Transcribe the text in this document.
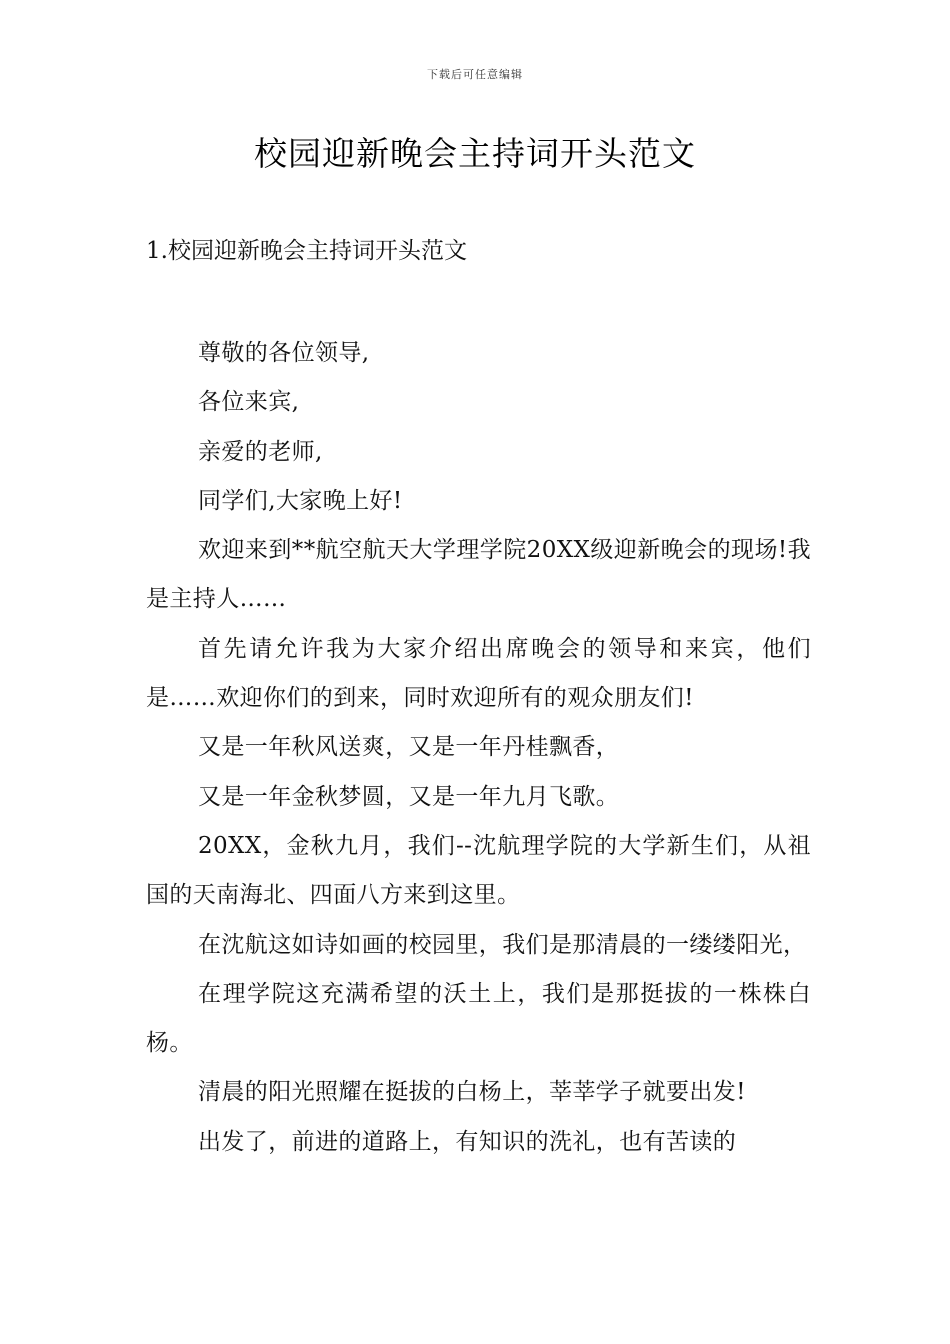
下载后可任意编辑
校园迎新晚会主持词开头范文
1.校园迎新晚会主持词开头范文

尊敬的各位领导,

各位来宾,

亲爱的老师,

同学们,大家晚上好!

欢迎来到**航空航天大学理学院20XX级迎新晚会的现场!我是主持人……

首先请允许我为大家介绍出席晚会的领导和来宾，他们是……欢迎你们的到来，同时欢迎所有的观众朋友们!

又是一年秋风送爽，又是一年丹桂飘香，

又是一年金秋梦圆，又是一年九月飞歌。

20XX，金秋九月，我们--沈航理学院的大学新生们，从祖国的天南海北、四面八方来到这里。

在沈航这如诗如画的校园里，我们是那清晨的一缕缕阳光，

在理学院这充满希望的沃土上，我们是那挺拔的一株株白杨。

清晨的阳光照耀在挺拔的白杨上，莘莘学子就要出发!

出发了，前进的道路上，有知识的洗礼，也有苦读的
